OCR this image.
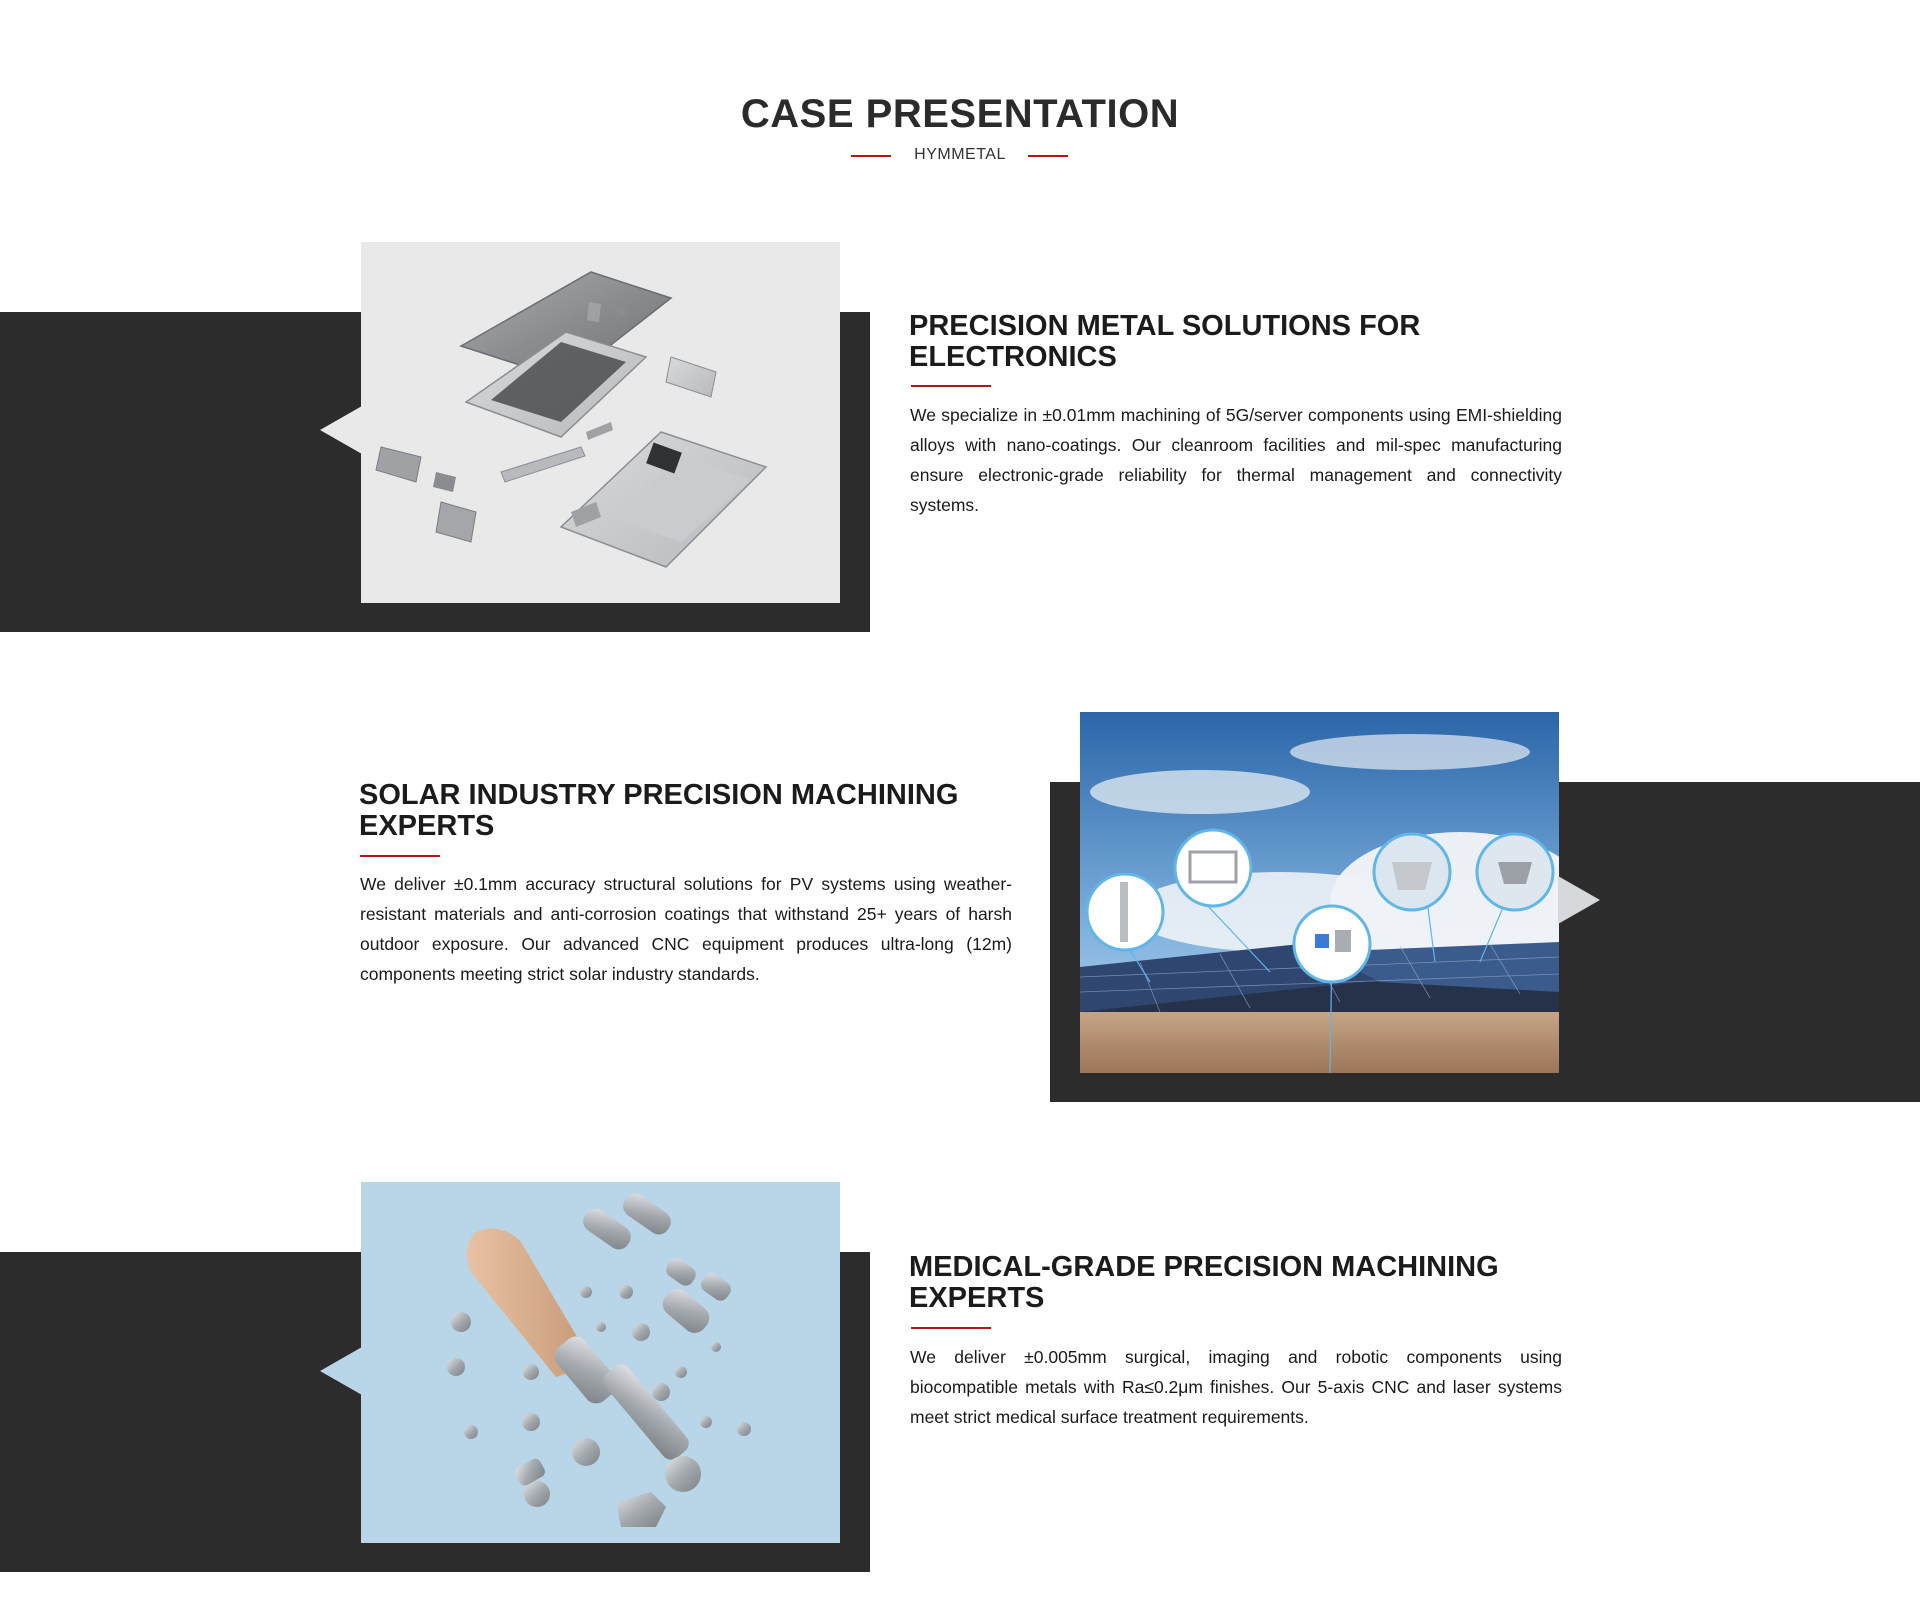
CASE PRESENTATION
HYMMETAL
PRECISION METAL SOLUTIONS FOR ELECTRONICS

We specialize in ±0.01mm machining of 5G/server components using EMI-shielding alloys with nano-coatings. Our cleanroom facilities and mil-spec manufacturing ensure electronic-grade reliability for thermal management and connectivity systems.

SOLAR INDUSTRY PRECISION MACHINING EXPERTS

We deliver ±0.1mm accuracy structural solutions for PV systems using weather-resistant materials and anti-corrosion coatings that withstand 25+ years of harsh outdoor exposure. Our advanced CNC equipment produces ultra-long (12m) components meeting strict solar industry standards.

MEDICAL-GRADE PRECISION MACHINING EXPERTS

We deliver ±0.005mm surgical, imaging and robotic components using biocompatible metals with Ra≤0.2μm finishes. Our 5-axis CNC and laser systems meet strict medical surface treatment requirements.
